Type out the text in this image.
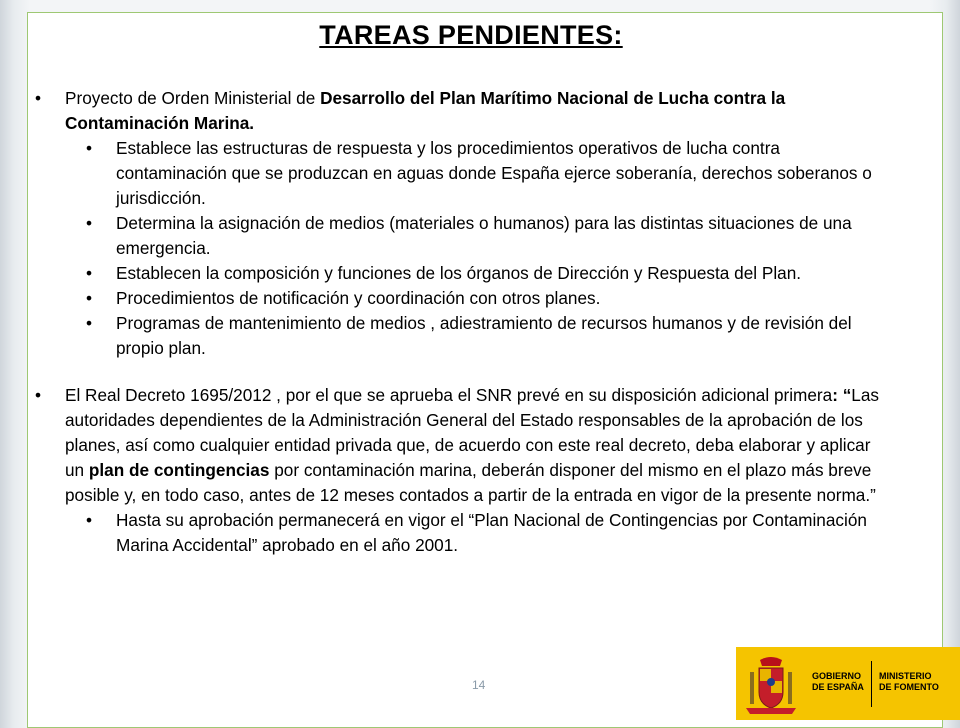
TAREAS PENDIENTES:
• Proyecto de Orden Ministerial de Desarrollo del Plan Marítimo Nacional de Lucha contra la Contaminación Marina.
• Establece las estructuras de respuesta y los procedimientos operativos de lucha contra contaminación que se produzcan en aguas donde España ejerce soberanía, derechos soberanos o jurisdicción.
• Determina la asignación de medios (materiales o humanos) para las distintas situaciones de una emergencia.
• Establecen la composición y funciones de los órganos de Dirección y Respuesta del Plan.
• Procedimientos de notificación y coordinación con otros planes.
• Programas de mantenimiento de medios , adiestramiento de recursos humanos y de revisión del propio plan.
• El Real Decreto 1695/2012 , por el que se aprueba el SNR prevé en su disposición adicional primera: “Las autoridades dependientes de la Administración General del Estado responsables de la aprobación de los planes, así como cualquier entidad privada que, de acuerdo con este real decreto, deba elaborar y aplicar un plan de contingencias por contaminación marina, deberán disponer del mismo en el plazo más breve posible y, en todo caso, antes de 12 meses contados a partir de la entrada en vigor de la presente norma.”
• Hasta su aprobación permanecerá en vigor el “Plan Nacional de Contingencias por Contaminación Marina Accidental” aprobado en el año 2001.
14
GOBIERNO
DE ESPAÑA
MINISTERIO
DE FOMENTO
